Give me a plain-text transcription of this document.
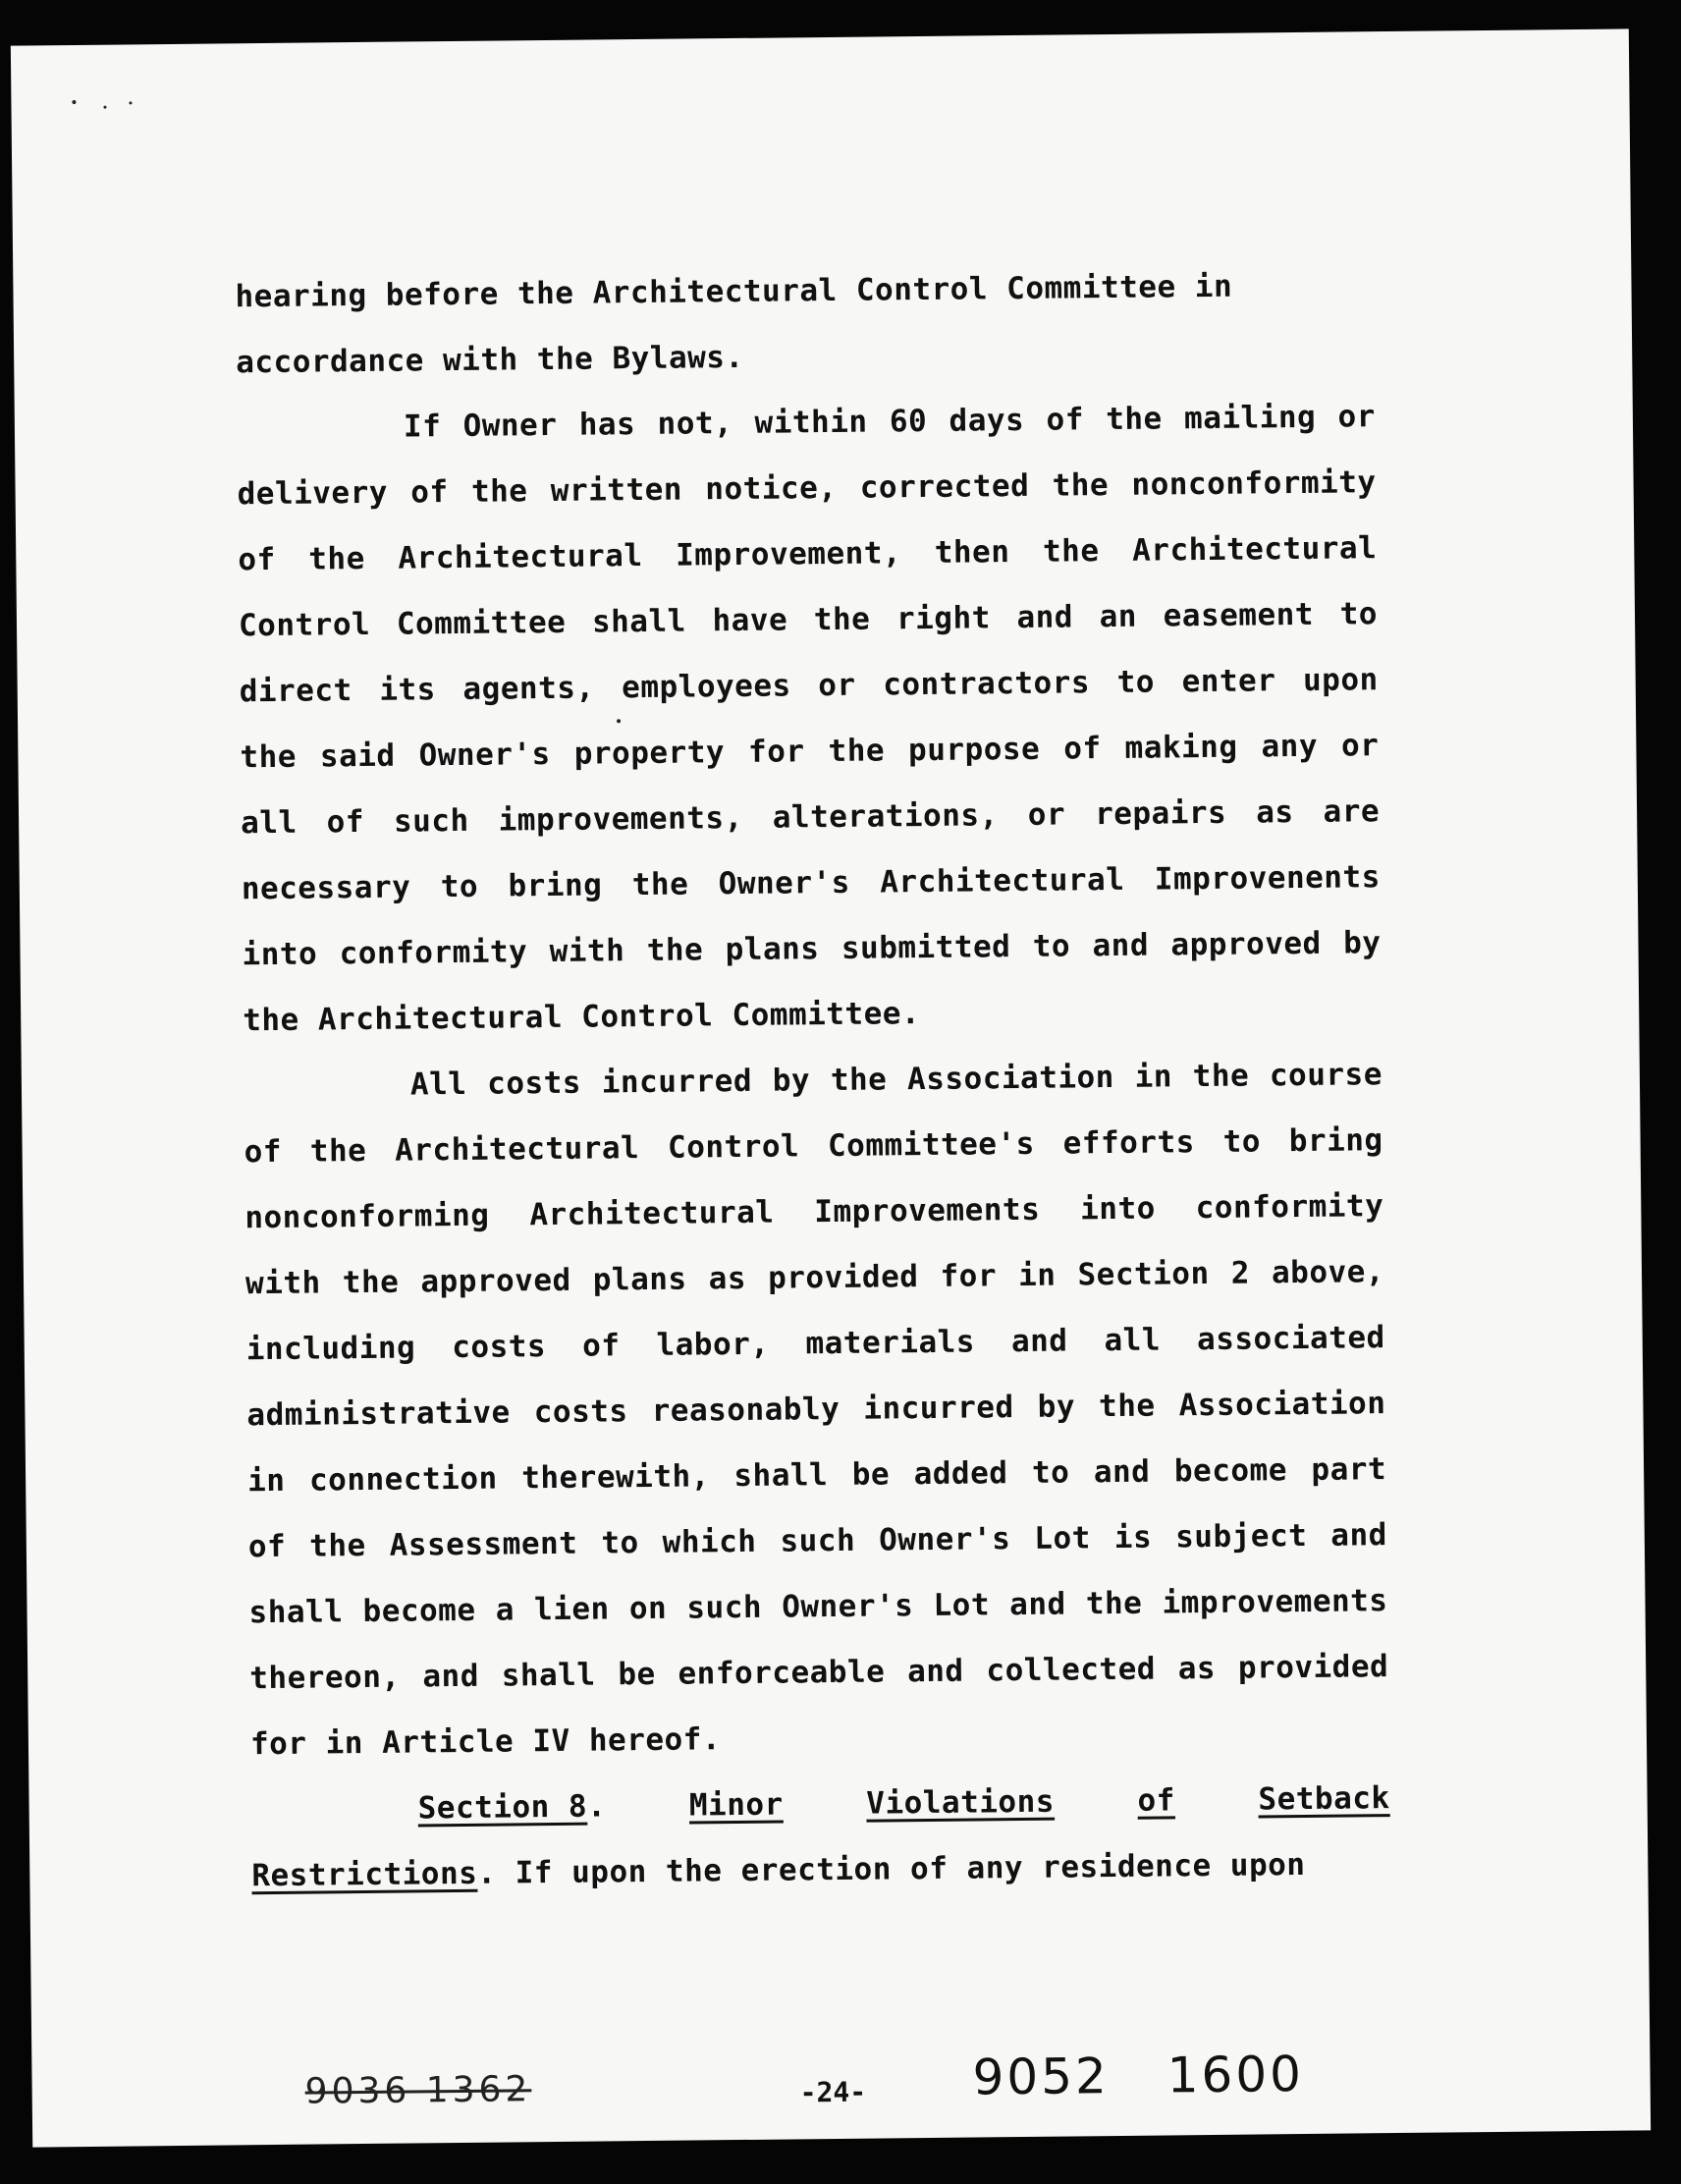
hearing before the Architectural Control Committee in
accordance with the Bylaws.

If Owner has not, within 60 days of the mailing or delivery of the written notice, corrected the nonconformity of the Architectural Improvement, then the Architectural Control Committee shall have the right and an easement to direct its agents, employees or contractors to enter upon the said Owner's property for the purpose of making any or all of such improvements, alterations, or repairs as are necessary to bring the Owner's Architectural Improvenents into conformity with the plans submitted to and approved by the Architectural Control Committee.

All costs incurred by the Association in the course of the Architectural Control Committee's efforts to bring nonconforming Architectural Improvements into conformity with the approved plans as provided for in Section 2 above, including costs of labor, materials and all associated administrative costs reasonably incurred by the Association in connection therewith, shall be added to and become part of the Assessment to which such Owner's Lot is subject and shall become a lien on such Owner's Lot and the improvements thereon, and shall be enforceable and collected as provided for in Article IV hereof.

Section 8.	Minor	Violations	of	Setback
Restrictions. If upon the erection of any residence upon
9036 1362	-24- 9052 1600
